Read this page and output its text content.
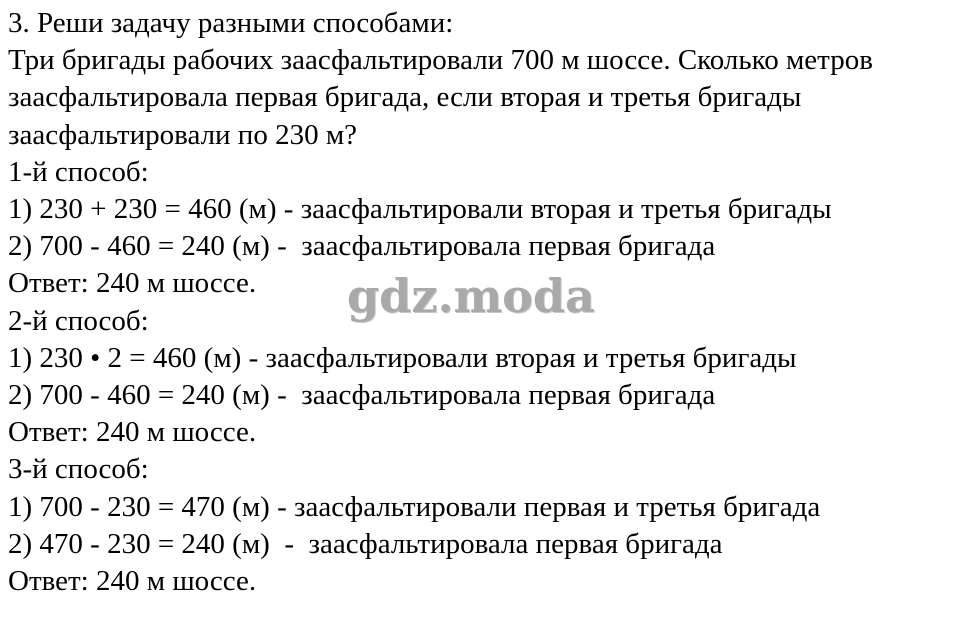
3. Реши задачу разными способами:

Три бригады рабочих заасфальтировали 700 м шоссе. Сколько метров

заасфальтировала первая бригада, если вторая и третья бригады

заасфальтировали по 230 м?

1-й способ:

1) 230 + 230 = 460 (м) - заасфальтировали вторая и третья бригады

2) 700 - 460 = 240 (м) -  заасфальтировала первая бригада

Ответ: 240 м шоссе.

2-й способ:

1) 230 • 2 = 460 (м) - заасфальтировали вторая и третья бригады

2) 700 - 460 = 240 (м) -  заасфальтировала первая бригада

Ответ: 240 м шоссе.

3-й способ:

1) 700 - 230 = 470 (м) - заасфальтировали первая и третья бригада

2) 470 - 230 = 240 (м)  -  заасфальтировала первая бригада

Ответ: 240 м шоссе.

gdz.moda
